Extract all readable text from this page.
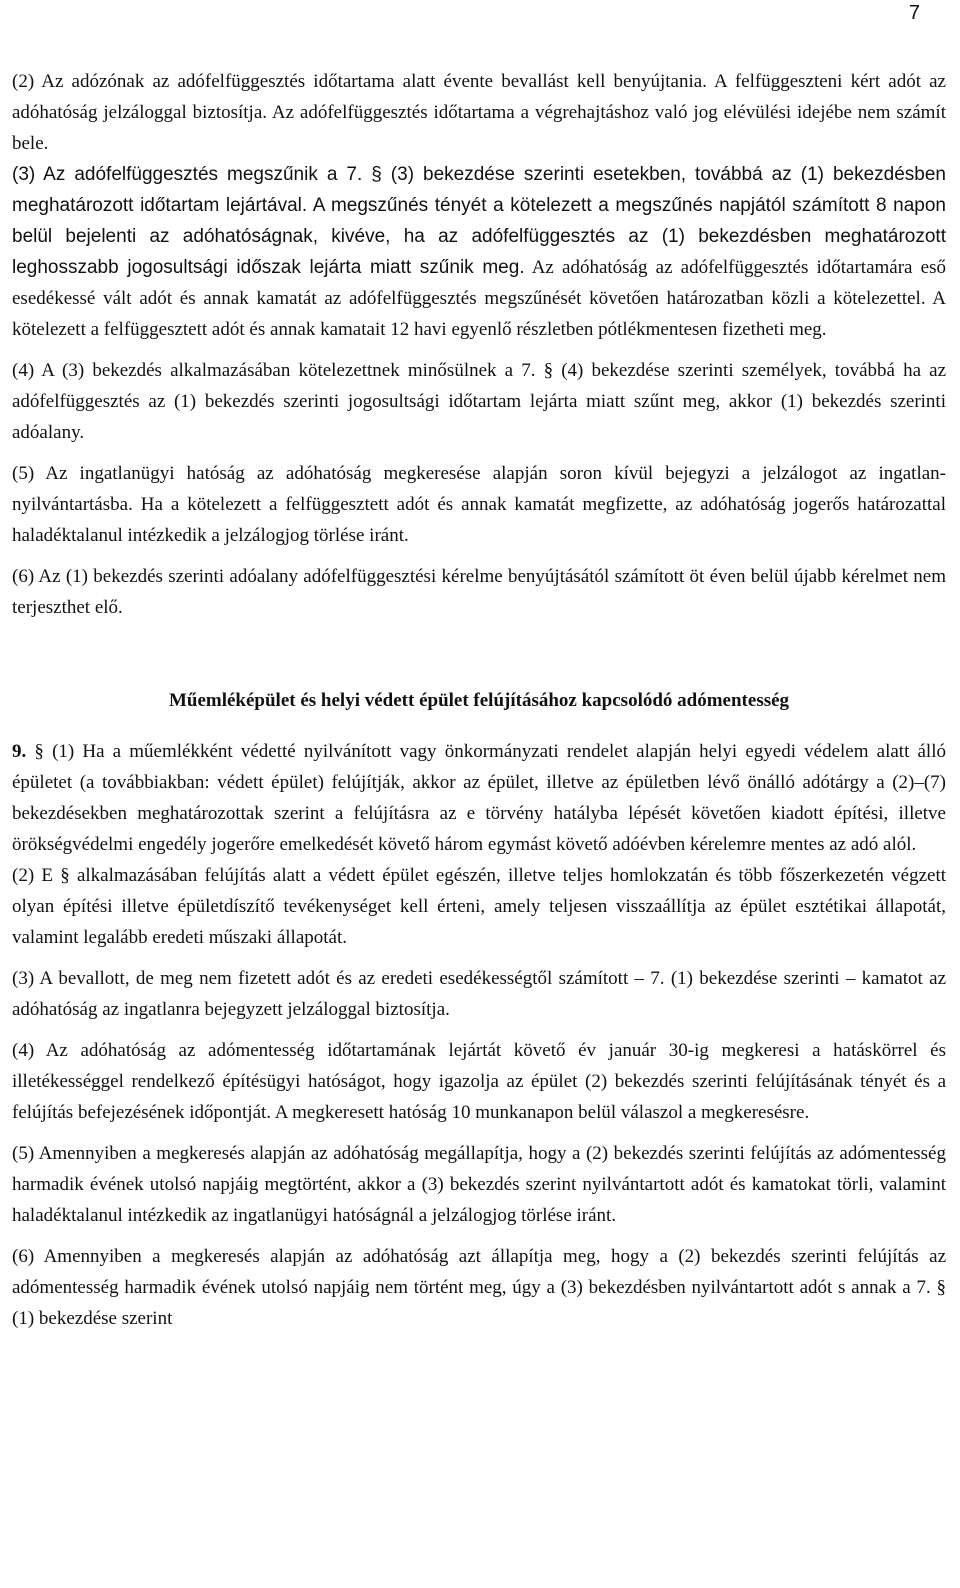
7

(2) Az adózónak az adófelfüggesztés időtartama alatt évente bevallást kell benyújtania. A felfüggeszteni kért adót az adóhatóság jelzáloggal biztosítja. Az adófelfüggesztés időtartama a végrehajtáshoz való jog elévülési idejébe nem számít bele.

(3) Az adófelfüggesztés megszűnik a 7. § (3) bekezdése szerinti esetekben, továbbá az (1) bekezdésben meghatározott időtartam lejártával. A megszűnés tényét a kötelezett a megszűnés napjától számított 8 napon belül bejelenti az adóhatóságnak, kivéve, ha az adófelfüggesztés az (1) bekezdésben meghatározott leghosszabb jogosultsági időszak lejárta miatt szűnik meg. Az adóhatóság az adófelfüggesztés időtartamára eső esedékessé vált adót és annak kamatát az adófelfüggesztés megszűnését követően határozatban közli a kötelezettel. A kötelezett a felfüggesztett adót és annak kamatait 12 havi egyenlő részletben pótlékmentesen fizetheti meg.

(4) A (3) bekezdés alkalmazásában kötelezettnek minősülnek a 7. § (4) bekezdése szerinti személyek, továbbá ha az adófelfüggesztés az (1) bekezdés szerinti jogosultsági időtartam lejárta miatt szűnt meg, akkor (1) bekezdés szerinti adóalany.

(5) Az ingatlanügyi hatóság az adóhatóság megkeresése alapján soron kívül bejegyzi a jelzálogot az ingatlan-nyilvántartásba. Ha a kötelezett a felfüggesztett adót és annak kamatát megfizette, az adóhatóság jogerős határozattal haladéktalanul intézkedik a jelzálogjog törlése iránt.

(6) Az (1) bekezdés szerinti adóalany adófelfüggesztési kérelme benyújtásától számított öt éven belül újabb kérelmet nem terjeszthet elő.

Műemléképület és helyi védett épület felújításához kapcsolódó adómentesség

9. § (1) Ha a műemlékként védetté nyilvánított vagy önkormányzati rendelet alapján helyi egyedi védelem alatt álló épületet (a továbbiakban: védett épület) felújítják, akkor az épület, illetve az épületben lévő önálló adótárgy a (2)–(7) bekezdésekben meghatározottak szerint a felújításra az e törvény hatályba lépését követően kiadott építési, illetve örökségvédelmi engedély jogerőre emelkedését követő három egymást követő adóévben kérelemre mentes az adó alól.

(2) E § alkalmazásában felújítás alatt a védett épület egészén, illetve teljes homlokzatán és több főszerkezetén végzett olyan építési illetve épületdíszítő tevékenységet kell érteni, amely teljesen visszaállítja az épület esztétikai állapotát, valamint legalább eredeti műszaki állapotát.

(3) A bevallott, de meg nem fizetett adót és az eredeti esedékességtől számított – 7. (1) bekezdése szerinti – kamatot az adóhatóság az ingatlanra bejegyzett jelzáloggal biztosítja.

(4) Az adóhatóság az adómentesség időtartamának lejártát követő év január 30-ig megkeresi a hatáskörrel és illetékességgel rendelkező építésügyi hatóságot, hogy igazolja az épület (2) bekezdés szerinti felújításának tényét és a felújítás befejezésének időpontját. A megkeresett hatóság 10 munkanapon belül válaszol a megkeresésre.

(5) Amennyiben a megkeresés alapján az adóhatóság megállapítja, hogy a (2) bekezdés szerinti felújítás az adómentesség harmadik évének utolsó napjáig megtörtént, akkor a (3) bekezdés szerint nyilvántartott adót és kamatokat törli, valamint haladéktalanul intézkedik az ingatlanügyi hatóságnál a jelzálogjog törlése iránt.

(6) Amennyiben a megkeresés alapján az adóhatóság azt állapítja meg, hogy a (2) bekezdés szerinti felújítás az adómentesség harmadik évének utolsó napjáig nem történt meg, úgy a (3) bekezdésben nyilvántartott adót s annak a 7. § (1) bekezdése szerint
